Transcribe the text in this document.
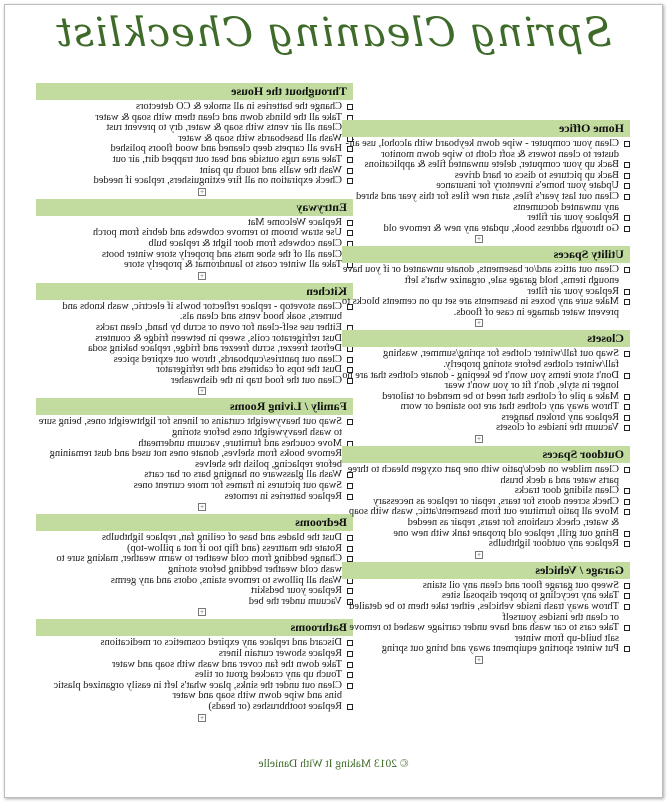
Spring Cleaning Checklist
Throughout the House
Change the batteries in all smoke & CO detectors
Take all the blinds down and clean them with soap & water
Clean all air vents with soap & water, dry to prevent rust
Wash all baseboards with soap & water
Have all carpets deep cleaned and wood floors polished
Take area rugs outside and beat out trapped dirt, air out
Wash the walls and touch up paint
Check expiration on all fire extinguishers, replace if needed
+
Entryway
Replace Welcome Mat
Use straw broom to remove cobwebs and debris from porch
Clean cobwebs from door light & replace bulb
Clean all of the shoe mats and properly store winter boots
Take all winter coats to laundromat & properly store
+
Kitchen
Clean stovetop - replace reflector bowls if electric, wash knobs and burners, soak hood vents and clean als.
Either use self-clean for oven or scrub by hand, clean racks
Dust refrigerator coils, sweep in between fridge & counters
Defrost freezer, scrub freezer and fridge, replace baking soda
Clean out pantries/cupboards, throw out expired spices
Dust the tops of cabinets and the refrigerator
Clean out the food trap in the dishwasher
+
Family / Living Rooms
Swap out heavyweight curtains or linens for lightweight ones, being sure to wash heavyweight ones before storing
Move couches and furniture, vacuum underneath
Remove books from shelves, donate ones not used and dust remaining before replacing, polish the shelves
Wash all glassware on hanging bars or bar carts
Swap out pictures in frames for more current ones
Replace batteries in remotes
+
Bedrooms
Dust the blades and base of ceiling fan, replace lightbulbs
Rotate the mattress (and flip too if not a pillow-top)
Change bedding from cold weather to warm weather, making sure to wash cold weather bedding before storing
Wash all pillows to remove stains, odors and any germs
Replace your bedskirt
Vacuum under the bed
+
Bathrooms
Discard and replace any expired cosmetics or medications
Replace shower curtain liners
Take down the fan cover and wash with soap and water
Touch up any cracked grout or tiles
Clean out under the sinks, place what's left in easily organized plastic bins and wipe down with soap and water
Replace toothbrushes (or heads)
+
Home Office
Clean your computer - wipe down keyboard with alcohol, use air-duster to clean towers & soft cloth to wipe down monitor
Back up your computer, delete unwanted files & applications
Back up pictures to discs or hard drives
Update your home's inventory for insurance
Clean out last year's files, start new files for this year and shred any unwanted documents
Replace your air filter
Go through address book, update any new & remove old
+
Utility Spaces
Clean out attics and/or basements, donate unwanted or if you have enough items, hold garage sale, organize what's left
Replace your air filter
Make sure any boxes in basements are set up on cements blocks to prevent water damage in case of floods.
+
Closets
Swap out fall/winter clothes for spring/summer, washing fall/winter clothes before storing properly.
Don't store items you won't be keeping - donate clothes that are no longer in style, don't fit or you won't wear
Make a pile of clothes that need to be mended or tailored
Throw away any clothes that are too stained or worn
Replace any broken hangers
Vacuum the insides of closets
+
Outdoor Spaces
Clean mildew on deck/patio with one part oxygen bleach to three parts water and a deck brush
Clean sliding door tracks
Check screen doors for tears, repair or replace as necessary
Move all patio furniture out from basement/attic, wash with soap & water, check cushions for tears, repair as needed
Bring out grill, replace old propane tank with new one
Replace any outdoor lightbulbs
+
Garage / Vehicles
Sweep out garage floor and clean any oil stains
Take any recycling to proper disposal sites
Throw away trash inside vehicles, either take them to be detailed or clean the insides yourself
Take cars to car wash and have under carriage washed to remove salt build-up from winter
Put winter sporting equipment away and bring out spring
+
© 2013 Making It With Danielle
